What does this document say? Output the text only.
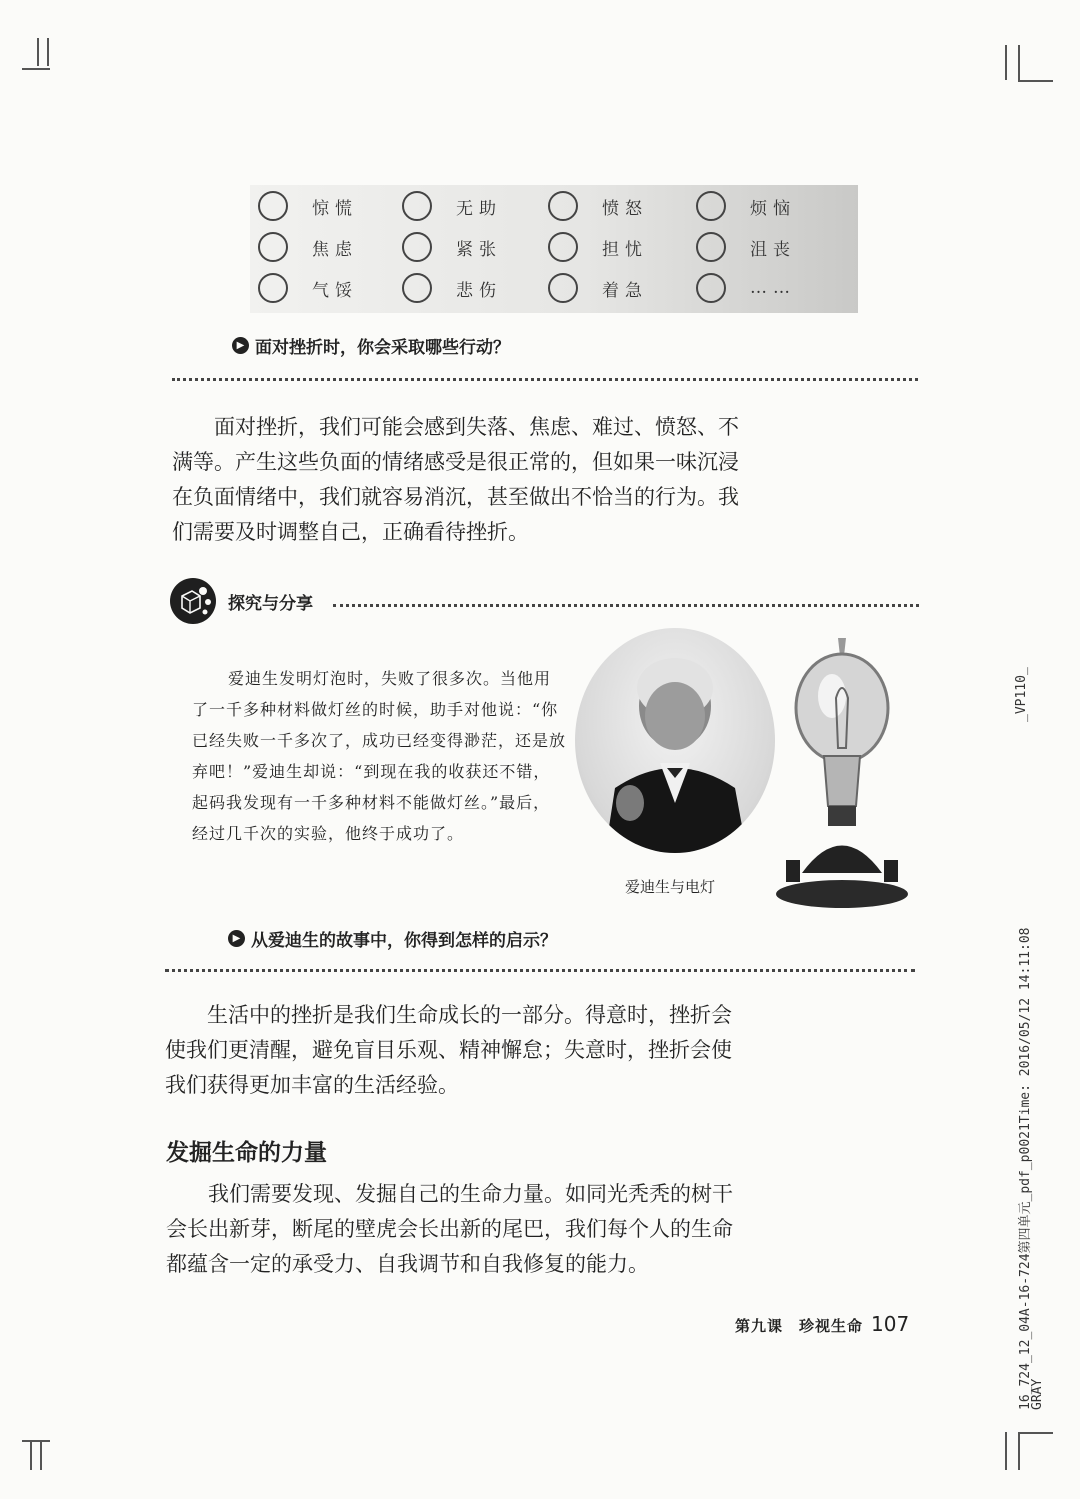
惊慌	无助	愤怒	烦恼
焦虑	紧张	担忧	沮丧
气馁	悲伤	着急	……
▶ 面对挫折时，你会采取哪些行动？
面对挫折，我们可能会感到失落、焦虑、难过、愤怒、不满等。产生这些负面的情绪感受是很正常的，但如果一味沉浸在负面情绪中，我们就容易消沉，甚至做出不恰当的行为。我们需要及时调整自己，正确看待挫折。
探究与分享
爱迪生发明灯泡时，失败了很多次。当他用了一千多种材料做灯丝的时候，助手对他说：“你已经失败一千多次了，成功已经变得渺茫，还是放弃吧！”爱迪生却说：“到现在我的收获还不错，起码我发现有一千多种材料不能做灯丝。”最后，经过几千次的实验，他终于成功了。
爱迪生与电灯
▶ 从爱迪生的故事中，你得到怎样的启示？
生活中的挫折是我们生命成长的一部分。得意时，挫折会使我们更清醒，避免盲目乐观、精神懈怠；失意时，挫折会使我们获得更加丰富的生活经验。
发掘生命的力量
我们需要发现、发掘自己的生命力量。如同光秃秃的树干会长出新芽，断尾的壁虎会长出新的尾巴，我们每个人的生命都蕴含一定的承受力、自我调节和自我修复的能力。
第九课　珍视生命 107
_VP110_
16_724_12_04A-16-724第四单元_pdf_p0021Time: 2016/05/12 14:11:08
GRAY
